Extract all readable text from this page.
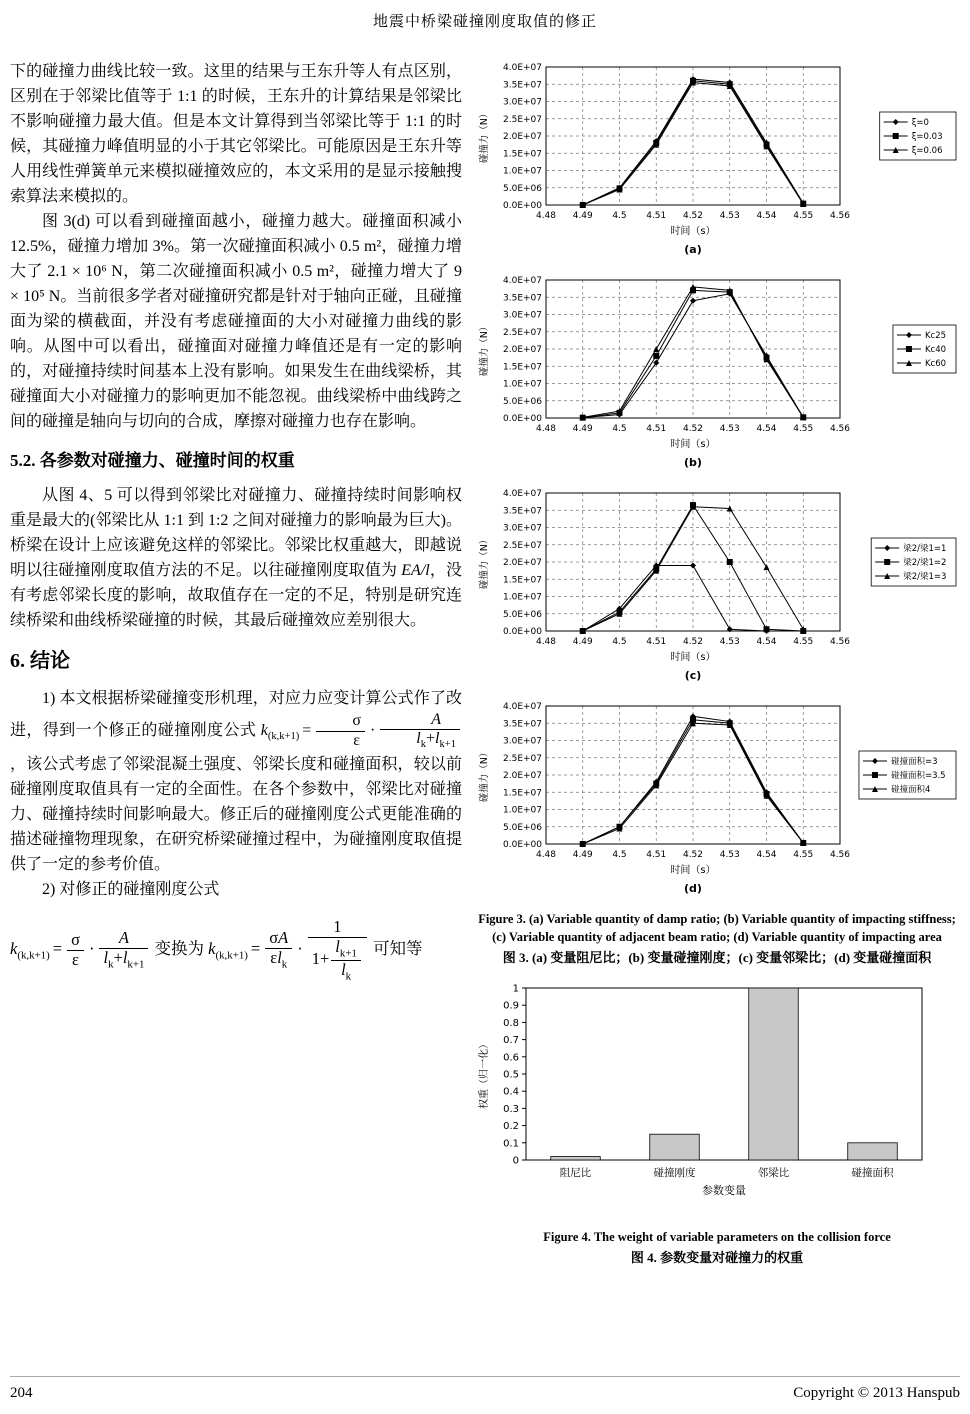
地震中桥梁碰撞刚度取值的修正

下的碰撞力曲线比较一致。这里的结果与王东升等人有点区别，区别在于邻梁比值等于 1:1 的时候，王东升的计算结果是邻梁比不影响碰撞力最大值。但是本文计算得到当邻梁比等于 1:1 的时候，其碰撞力峰值明显的小于其它邻梁比。可能原因是王东升等人用线性弹簧单元来模拟碰撞效应的，本文采用的是显示接触搜索算法来模拟的。

图 3(d) 可以看到碰撞面越小，碰撞力越大。碰撞面积减小 12.5%，碰撞力增加 3%。第一次碰撞面积减小 0.5 m²，碰撞力增大了 2.1 × 10⁶ N，第二次碰撞面积减小 0.5 m²，碰撞力增大了 9 × 10⁵ N。当前很多学者对碰撞研究都是针对于轴向正碰，且碰撞面为梁的横截面，并没有考虑碰撞面的大小对碰撞力曲线的影响。从图中可以看出，碰撞面对碰撞力峰值还是有一定的影响的，对碰撞持续时间基本上没有影响。如果发生在曲线梁桥，其碰撞面大小对碰撞力的影响更加不能忽视。曲线梁桥中曲线跨之间的碰撞是轴向与切向的合成，摩擦对碰撞力也存在影响。

5.2. 各参数对碰撞力、碰撞时间的权重

从图 4、5 可以得到邻梁比对碰撞力、碰撞持续时间影响权重是最大的(邻梁比从 1:1 到 1:2 之间对碰撞力的影响最为巨大)。桥梁在设计上应该避免这样的邻梁比。邻梁比权重越大，即越说明以往碰撞刚度取值方法的不足。以往碰撞刚度取值为 EA/l，没有考虑邻梁长度的影响，故取值存在一定的不足，特别是研究连续桥梁和曲线桥梁碰撞的时候，其最后碰撞效应差别很大。

6. 结论

1) 本文根据桥梁碰撞变形机理，对应力应变计算公式作了改进，得到一个修正的碰撞刚度公式 $k_{(k,k+1)} = \frac{\sigma}{\varepsilon} \cdot \frac{A}{l_k+l_{k+1}}$
，该公式考虑了邻梁混凝土强度、邻梁长度和碰撞面积，较以前碰撞刚度取值具有一定的全面性。在各个参数中，邻梁比对碰撞力、碰撞持续时间影响最大。修正后的碰撞刚度公式更能准确的描述碰撞物理现象，在研究桥梁碰撞过程中，为碰撞刚度取值提供了一定的参考价值。

2) 对修正的碰撞刚度公式

$k_{(k,k+1)} = \frac{\sigma}{\varepsilon} \cdot \frac{A}{l_k+l_{k+1}}$ 变换为 $k_{(k,k+1)} = \frac{\sigma A}{\varepsilon l_k} \cdot \frac{1}{1+ \frac{l_{k+1}}{l_k}}$ 可知等
0.0E+00
5.0E+06
1.0E+07
1.5E+07
2.0E+07
2.5E+07
3.0E+07
3.5E+07
4.0E+07
4.48 4.49 4.5 4.51 4.52 4.53 4.54 4.55 4.56
碰撞力（N）
时间（s）
(a)
ξ=0
ξ=0.03
ξ=0.06
0.0E+00
5.0E+06
1.0E+07
1.5E+07
2.0E+07
2.5E+07
3.0E+07
3.5E+07
4.0E+07
4.48 4.49 4.5 4.51 4.52 4.53 4.54 4.55 4.56
碰撞力（N）
时间（s）
(b)
Kc25
Kc40
Kc60
0.0E+00
5.0E+06
1.0E+07
1.5E+07
2.0E+07
2.5E+07
3.0E+07
3.5E+07
4.0E+07
4.48 4.49 4.5 4.51 4.52 4.53 4.54 4.55 4.56
碰撞力（N）
时间（s）
(c)
梁2/梁1=1
梁2/梁1=2
梁2/梁1=3
0.0E+00
5.0E+06
1.0E+07
1.5E+07
2.0E+07
2.5E+07
3.0E+07
3.5E+07
4.0E+07
4.48 4.49 4.5 4.51 4.52 4.53 4.54 4.55 4.56
碰撞力（N）
时间（s）
(d)
碰撞面积=3
碰撞面积=3.5
碰撞面积4
Figure 3. (a) Variable quantity of damp ratio; (b) Variable quantity of impacting stiffness; (c) Variable quantity of adjacent beam ratio; (d) Variable quantity of impacting area
图 3. (a) 变量阻尼比；(b) 变量碰撞刚度；(c) 变量邻梁比；(d) 变量碰撞面积
0
0.1
0.2
0.3
0.4
0.5
0.6
0.7
0.8
0.9
1
阻尼比	碰撞刚度	邻梁比	碰撞面积
参数变量
权重（归一化）
Figure 4. The weight of variable parameters on the collision force
图 4. 参数变量对碰撞力的权重
204	Copyright © 2013 Hanspub
